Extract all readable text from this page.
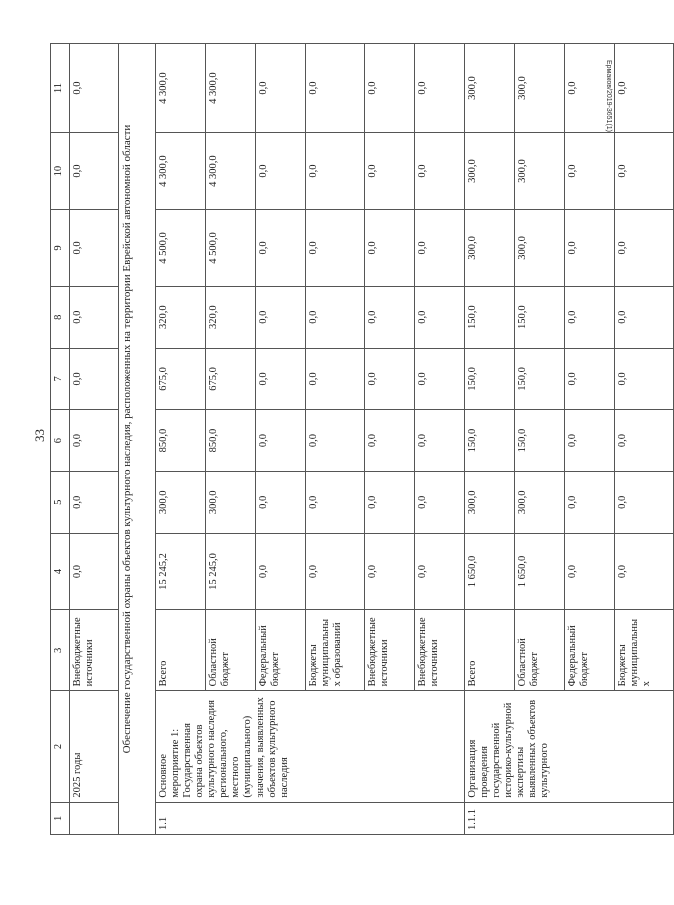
33
Ермаков/2019-3651(1)
1	2	3	4	5	6	7	8	9	10	11
	2025 годы	Внебюджетные источники	0,0	0,0	0,0	0,0	0,0	0,0	0,0	0,0
Обеспечение государственной охраны объектов культурного наследия, расположенных на территории Еврейской автономной области										
1.1	Основное мероприятие 1: Государственная охрана объектов культурного наследия регионального, местного (муниципального) значения, выявленных объектов культурного наследия	Всего	15 245,2	300,0	850,0	675,0	320,0	4 500,0	4 300,0	4 300,0
		Областной бюджет	15 245,0	300,0	850,0	675,0	320,0	4 500,0	4 300,0	4 300,0
		Федеральный бюджет	0,0	0,0	0,0	0,0	0,0	0,0	0,0	0,0
		Бюджеты муниципальных образований	0,0	0,0	0,0	0,0	0,0	0,0	0,0	0,0
		Внебюджетные источники	0,0	0,0	0,0	0,0	0,0	0,0	0,0	0,0
		Внебюджетные источники	0,0	0,0	0,0	0,0	0,0	0,0	0,0	0,0
1.1.1	Организация проведения государственной историко-культурной экспертизы выявленных объектов культурного	Всего	1 650,0	300,0	150,0	150,0	150,0	300,0	300,0	300,0
		Областной бюджет	1 650,0	300,0	150,0	150,0	150,0	300,0	300,0	300,0
		Федеральный бюджет	0,0	0,0	0,0	0,0	0,0	0,0	0,0	0,0
		Бюджеты муниципальных	0,0	0,0	0,0	0,0	0,0	0,0	0,0	0,0
